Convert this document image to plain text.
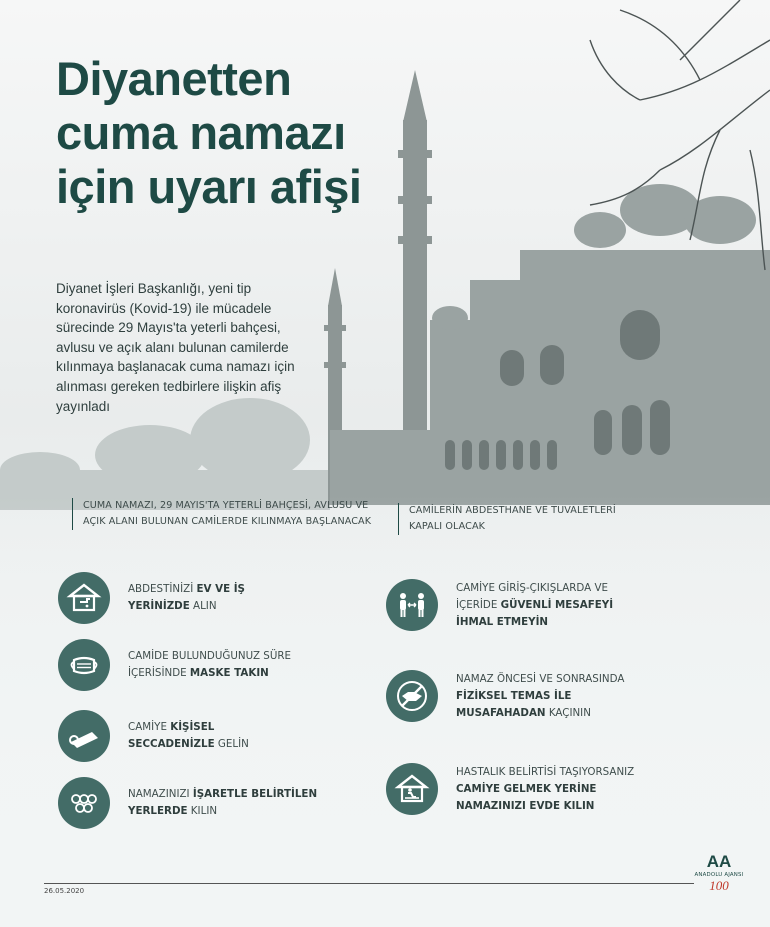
Diyanetten cuma namazı için uyarı afişi

Diyanet İşleri Başkanlığı, yeni tip koronavirüs (Kovid-19) ile mücadele sürecinde 29 Mayıs'ta yeterli bahçesi, avlusu ve açık alanı bulunan camilerde kılınmaya başlanacak cuma namazı için alınması gereken tedbirlere ilişkin afiş yayınladı

CUMA NAMAZI, 29 MAYIS'TA YETERLİ BAHÇESİ, AVLUSU VE AÇIK ALANI BULUNAN CAMİLERDE KILINMAYA BAŞLANACAK
CAMİLERİN ABDESTHANE VE TUVALETLERİ KAPALI OLACAK
ABDESTİNİZİ EV VE İŞ YERİNİZDE ALIN
CAMİDE BULUNDUĞUNUZ SÜRE İÇERİSİNDE MASKE TAKIN
CAMİYE KİŞİSEL SECCADENİZLE GELİN
NAMAZINIZI İŞARETLE BELİRTİLEN YERLERDE KILIN
CAMİYE GİRİŞ-ÇIKIŞLARDA VE İÇERİDE GÜVENLİ MESAFEYİ İHMAL ETMEYİN
NAMAZ ÖNCESİ VE SONRASINDA FİZİKSEL TEMAS İLE MUSAFAHADAN KAÇININ
HASTALIK BELİRTİSİ TAŞIYORSANIZ CAMİYE GELMEK YERİNE NAMAZINIZI EVDE KILIN
26.05.2020
AA
ANADOLU AJANSI
100
